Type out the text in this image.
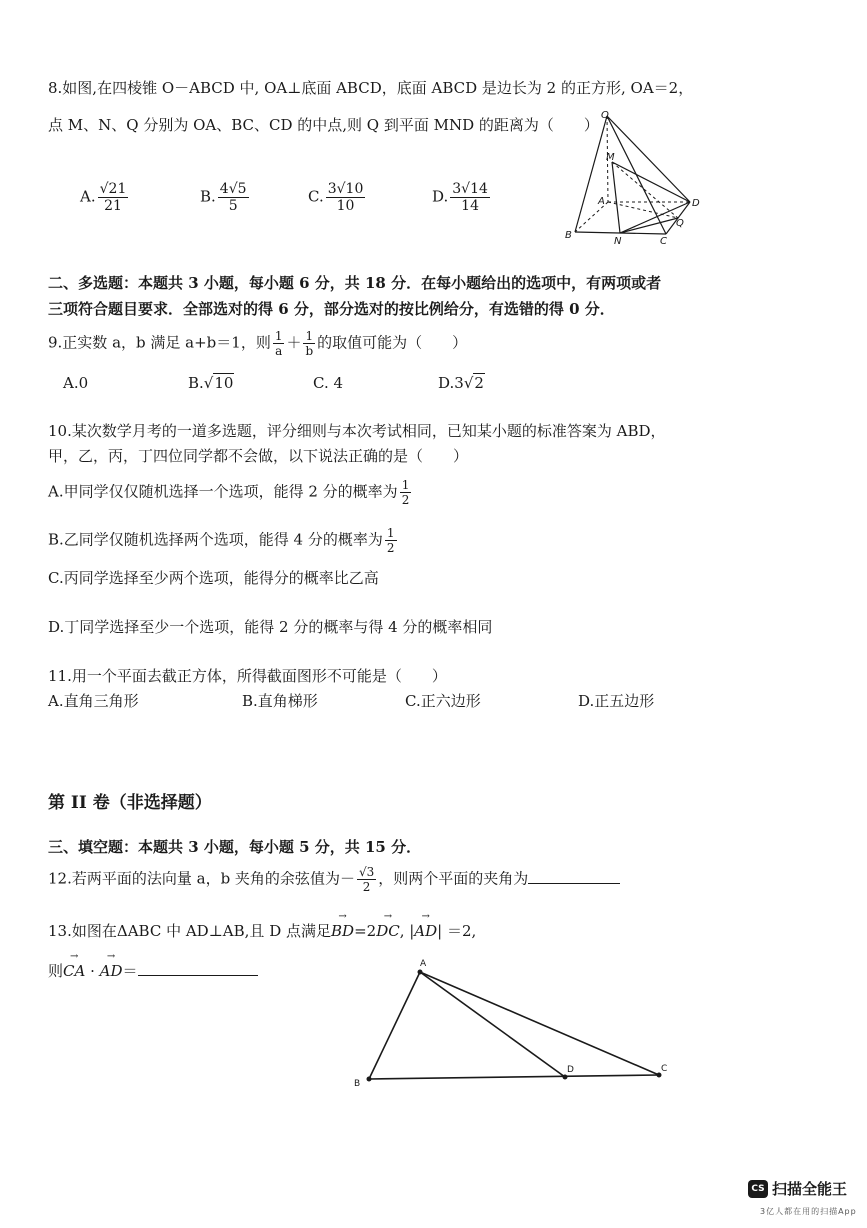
8.如图,在四棱锥 O－ABCD 中, OA⊥底面 ABCD，底面 ABCD 是边长为 2 的正方形, OA＝2，
点 M、N、Q 分别为 OA、BC、CD 的中点,则 Q 到平面 MND 的距离为（　　）
A. $\frac{√21}{21}$	B. $\frac{4√5}{5}$	C. $\frac{3√10}{10}$	D. $\frac{3√14}{14}$
O
M
A	D
Q
B
N	C
二、多选题：本题共 3 小题，每小题 6 分，共 18 分．在每小题给出的选项中，有两项或者
三项符合题目要求．全部选对的得 6 分，部分选对的按比例给分，有选错的得 0 分．
9.正实数 a，b 满足 a+b＝1，则 $\frac{1}{a} + \frac{1}{b}$ 的取值可能为（　　）
A.0	B.√10	C. 4	D.3√2
10.某次数学月考的一道多选题，评分细则与本次考试相同，已知某小题的标准答案为 ABD，
甲，乙，丙，丁四位同学都不会做，以下说法正确的是（　　）
A.甲同学仅仅随机选择一个选项，能得 2 分的概率为 $\frac{1}{2}$
B.乙同学仅随机选择两个选项，能得 4 分的概率为 $\frac{1}{2}$
C.丙同学选择至少两个选项，能得分的概率比乙高
D.丁同学选择至少一个选项，能得 2 分的概率与得 4 分的概率相同
11.用一个平面去截正方体，所得截面图形不可能是（　　）
A.直角三角形	B.直角梯形	C.正六边形	D.正五边形
第 II 卷（非选择题）
三、填空题：本题共 3 小题，每小题 5 分，共 15 分．
12.若两平面的法向量 a，b 夹角的余弦值为－ $\frac{√3}{2}$ ，则两个平面的夹角为
13.如图在ΔABC 中 AD⊥AB,且 D 点满足→ BD=2→ DC, |→ AD| ＝2,
则→ CA · → AD＝	A
B
D	C
CS 扫描全能王
3亿人都在用的扫描App
